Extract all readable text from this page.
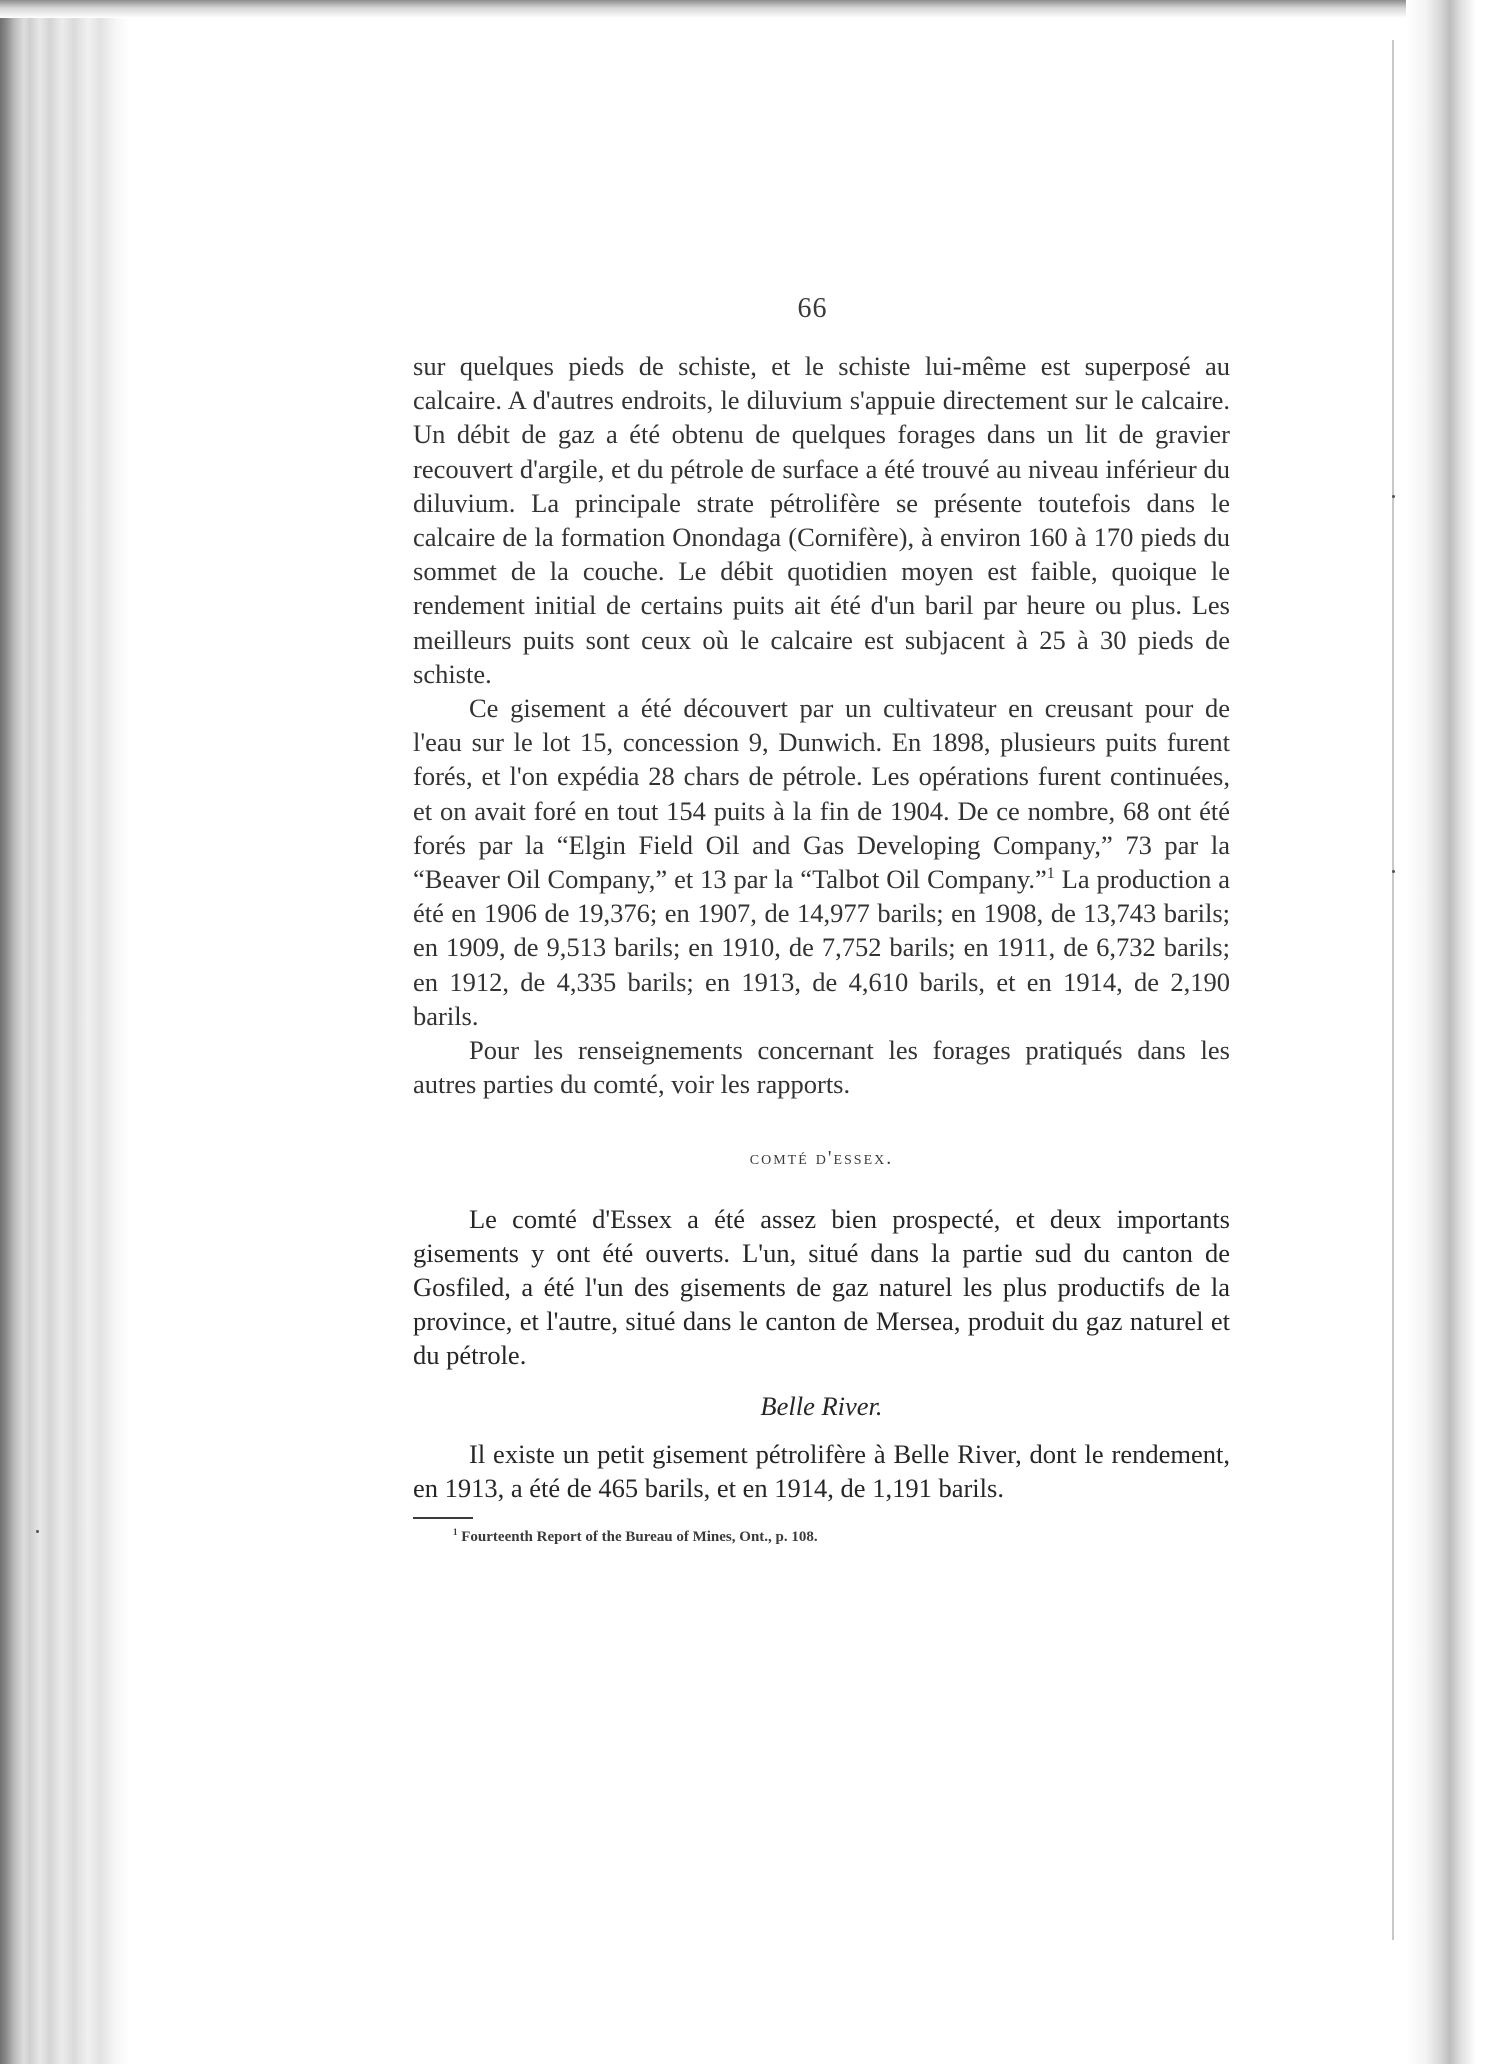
66

sur quelques pieds de schiste, et le schiste lui-même est superposé au calcaire. A d'autres endroits, le diluvium s'appuie directement sur le calcaire. Un débit de gaz a été obtenu de quelques forages dans un lit de gravier recouvert d'argile, et du pétrole de surface a été trouvé au niveau inférieur du diluvium. La principale strate pétrolifère se présente toutefois dans le calcaire de la formation Onondaga (Cornifère), à environ 160 à 170 pieds du sommet de la couche. Le débit quotidien moyen est faible, quoique le rendement initial de certains puits ait été d'un baril par heure ou plus. Les meilleurs puits sont ceux où le calcaire est subjacent à 25 à 30 pieds de schiste.

Ce gisement a été découvert par un cultivateur en creusant pour de l'eau sur le lot 15, concession 9, Dunwich. En 1898, plusieurs puits furent forés, et l'on expédia 28 chars de pétrole. Les opérations furent continuées, et on avait foré en tout 154 puits à la fin de 1904. De ce nombre, 68 ont été forés par la “Elgin Field Oil and Gas Developing Company,” 73 par la “Beaver Oil Company,” et 13 par la “Talbot Oil Company.”$^1$ La production a été en 1906 de 19,376; en 1907, de 14,977 barils; en 1908, de 13,743 barils; en 1909, de 9,513 barils; en 1910, de 7,752 barils; en 1911, de 6,732 barils; en 1912, de 4,335 barils; en 1913, de 4,610 barils, et en 1914, de 2,190 barils.

Pour les renseignements concernant les forages pratiqués dans les autres parties du comté, voir les rapports.

comté d'essex.

Le comté d'Essex a été assez bien prospecté, et deux importants gisements y ont été ouverts. L'un, situé dans la partie sud du canton de Gosfiled, a été l'un des gisements de gaz naturel les plus productifs de la province, et l'autre, situé dans le canton de Mersea, produit du gaz naturel et du pétrole.

Belle River.

Il existe un petit gisement pétrolifère à Belle River, dont le rendement, en 1913, a été de 465 barils, et en 1914, de 1,191 barils.

$^1$ Fourteenth Report of the Bureau of Mines, Ont., p. 108.
